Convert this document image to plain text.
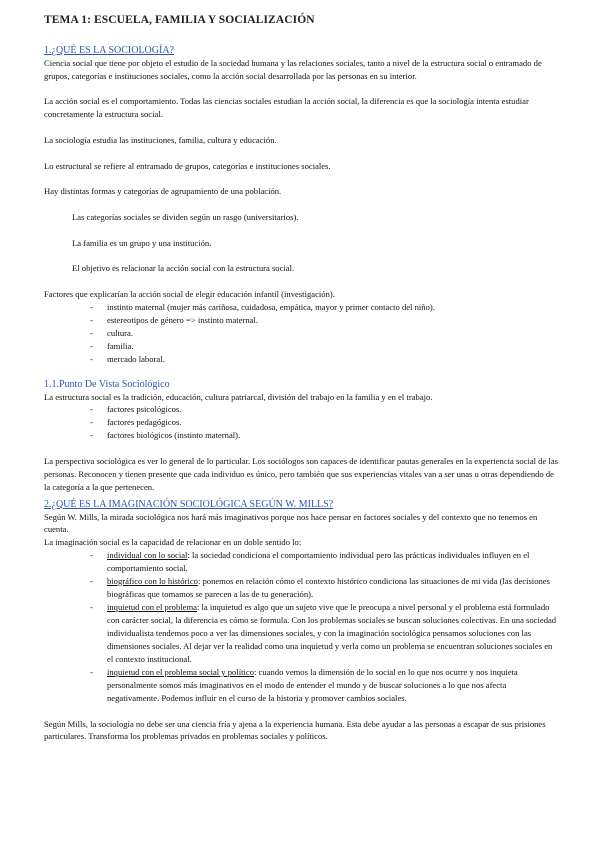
TEMA 1: ESCUELA, FAMILIA Y SOCIALIZACIÓN
1.¿QUÉ ES LA SOCIOLOGÍA?

Ciencia social que tiene por objeto el estudio de la sociedad humana y las relaciones sociales, tanto a nivel de la estructura social o entramado de grupos, categorías e instituciones sociales, como la acción social desarrollada por las personas en su interior.

La acción social es el comportamiento. Todas las ciencias sociales estudian la acción social, la diferencia es que la sociología intenta estudiar concretamente la estructura social.

La sociología estudia las instituciones, familia, cultura y educación.

Lo estructural se refiere al entramado de grupos, categorías e instituciones sociales.

Hay distintas formas y categorías de agrupamiento de una población.

Las categorías sociales se dividen según un rasgo (universitarios).

La familia es un grupo y una institución.

El objetivo es relacionar la acción social con la estructura social.

Factores que explicarían la acción social de elegir educación infantil (investigación).

- instinto maternal (mujer más cariñosa, cuidadosa, empática, mayor y primer contacto del niño).
- estereotipos de género => instinto maternal.
- cultura.
- familia.
- mercado laboral.
1.1.Punto De Vista Sociológico

La estructura social es la tradición, educación, cultura patriarcal, división del trabajo en la familia y en el trabajo.

- factores psicológicos.
- factores pedagógicos.
- factores biológicos (instinto maternal).

La perspectiva sociológica es ver lo general de lo particular. Los sociólogos son capaces de identificar pautas generales en la experiencia social de las personas. Reconocen y tienen presente que cada individuo es único, pero también que sus experiencias vitales van a ser unas u otras dependiendo de la categoría a la que pertenecen.

2.¿QUÉ ES LA IMAGINACIÓN SOCIOLÓGICA SEGÚN W. MILLS?

Según W. Mills, la mirada sociológica nos hará más imaginativos porque nos hace pensar en factores sociales y del contexto que no tenemos en cuenta.

La imaginación social es la capacidad de relacionar en un doble sentido lo:

- individual con lo social: la sociedad condiciona el comportamiento individual pero las prácticas individuales influyen en el comportamiento social.
- biográfico con lo histórico: ponemos en relación cómo el contexto histórico condiciona las situaciones de mi vida (las decisiones biográficas que tomamos se parecen a las de tu generación).
- inquietud con el problema: la inquietud es algo que un sujeto vive que le preocupa a nivel personal y el problema está formulado con carácter social, la diferencia es cómo se formula. Con los problemas sociales se buscan soluciones colectivas. En una sociedad individualista tendemos poco a ver las dimensiones sociales, y con la imaginación sociológica pensamos soluciones con las dimensiones sociales. Al dejar ver la realidad como una inquietud y verla como un problema se encuentran soluciones sociales en el contexto institucional.
- inquietud con el problema social y político: cuando vemos la dimensión de lo social en lo que nos ocurre y nos inquieta personalmente somos más imaginativos en el modo de entender el mundo y de buscar soluciones a lo que nos afecta negativamente. Podemos influir en el curso de la historia y promover cambios sociales.

Según Mills, la sociología no debe ser una ciencia fría y ajena a la experiencia humana. Esta debe ayudar a las personas a escapar de sus prisiones particulares. Transforma los problemas privados en problemas sociales y políticos.
